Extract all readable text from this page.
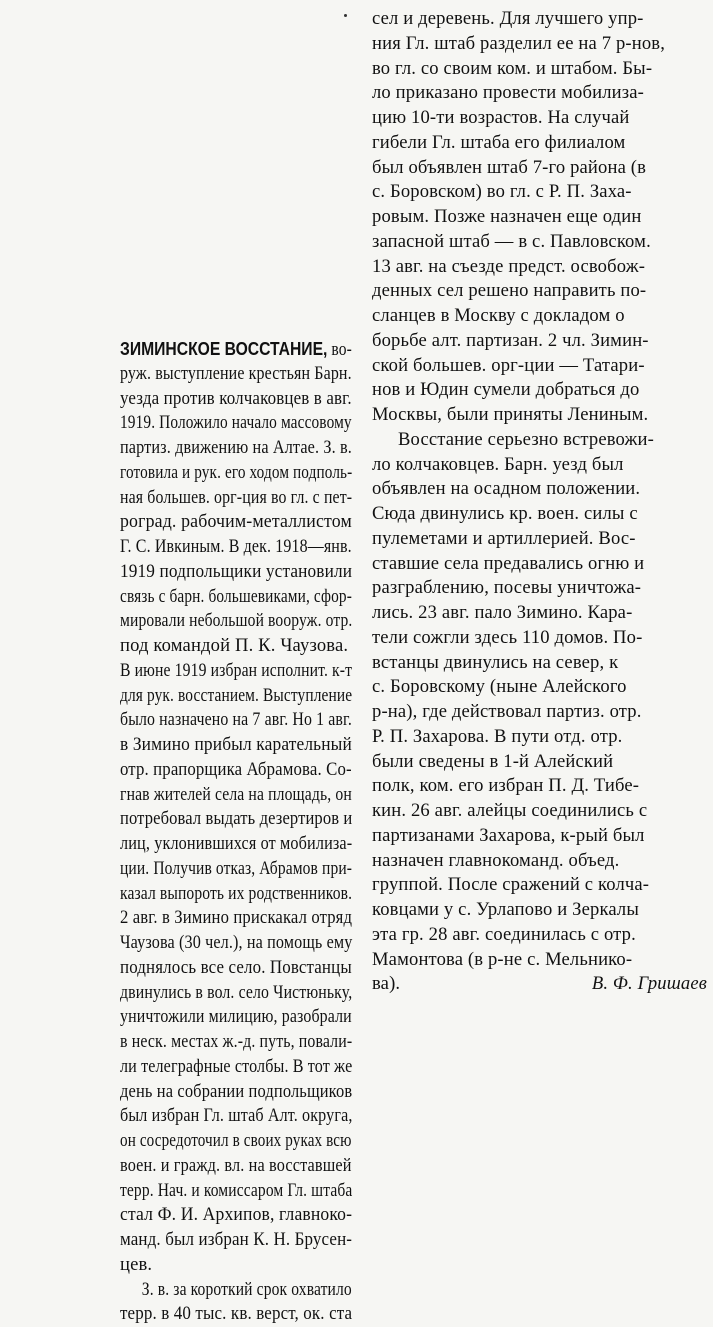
ЗИМИНСКОЕ ВОССТАНИЕ, во-
руж. выступление крестьян Барн.
уезда против колчаковцев в авг.
1919. Положило начало массовому
партиз. движению на Алтае. З. в.
готовила и рук. его ходом подполь-
ная большев. орг-ция во гл. с пет-
роград. рабочим-металлистом
Г. С. Ивкиным. В дек. 1918—янв.
1919 подпольщики установили
связь с барн. большевиками, сфор-
мировали небольшой вооруж. отр.
под командой П. К. Чаузова.
В июне 1919 избран исполнит. к-т
для рук. восстанием. Выступление
было назначено на 7 авг. Но 1 авг.
в Зимино прибыл карательный
отр. прапорщика Абрамова. Со-
гнав жителей села на площадь, он
потребовал выдать дезертиров и
лиц, уклонившихся от мобилиза-
ции. Получив отказ, Абрамов при-
казал выпороть их родственников.
2 авг. в Зимино прискакал отряд
Чаузова (30 чел.), на помощь ему
поднялось все село. Повстанцы
двинулись в вол. село Чистюньку,
уничтожили милицию, разобрали
в неск. местах ж.-д. путь, повали-
ли телеграфные столбы. В тот же
день на собрании подпольщиков
был избран Гл. штаб Алт. округа,
он сосредоточил в своих руках всю
воен. и гражд. вл. на восставшей
терр. Нач. и комиссаром Гл. штаба
стал Ф. И. Архипов, главноко-
манд. был избран К. Н. Брусен-
цев.
З. в. за короткий срок охватило
терр. в 40 тыс. кв. верст, ок. ста
сел и деревень. Для лучшего упр-
ния Гл. штаб разделил ее на 7 р-нов,
во гл. со своим ком. и штабом. Бы-
ло приказано провести мобилиза-
цию 10-ти возрастов. На случай
гибели Гл. штаба его филиалом
был объявлен штаб 7-го района (в
с. Боровском) во гл. с Р. П. Заха-
ровым. Позже назначен еще один
запасной штаб — в с. Павловском.
13 авг. на съезде предст. освобож-
денных сел решено направить по-
сланцев в Москву с докладом о
борьбе алт. партизан. 2 чл. Зимин-
ской большев. орг-ции — Татари-
нов и Юдин сумели добраться до
Москвы, были приняты Лениным.
Восстание серьезно встревожи-
ло колчаковцев. Барн. уезд был
объявлен на осадном положении.
Сюда двинулись кр. воен. силы с
пулеметами и артиллерией. Вос-
ставшие села предавались огню и
разграблению, посевы уничтожа-
лись. 23 авг. пало Зимино. Кара-
тели сожгли здесь 110 домов. По-
встанцы двинулись на север, к
с. Боровскому (ныне Алейского
р-на), где действовал партиз. отр.
Р. П. Захарова. В пути отд. отр.
были сведены в 1-й Алейский
полк, ком. его избран П. Д. Тибе-
кин. 26 авг. алейцы соединились с
партизанами Захарова, к-рый был
назначен главнокоманд. объед.
группой. После сражений с колча-
ковцами у с. Урлапово и Зеркалы
эта гр. 28 авг. соединилась с отр.
Мамонтова (в р-не с. Мельнико-
ва).	В. Ф. Гришаев
